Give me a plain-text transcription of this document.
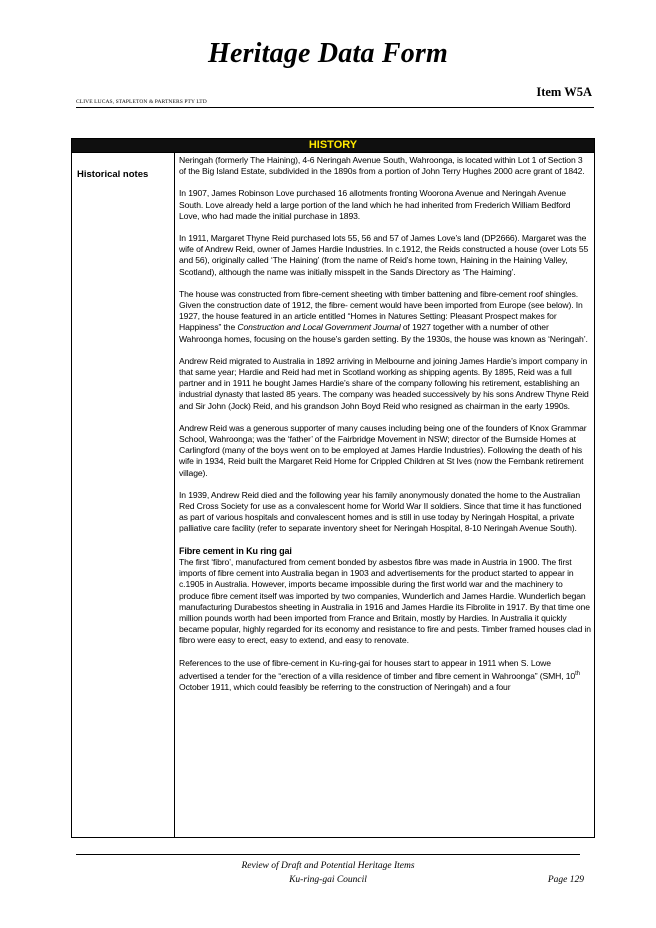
Heritage Data Form
Item W5A
CLIVE LUCAS, STAPLETON & PARTNERS PTY LTD
HISTORY
Historical notes

Neringah (formerly The Haining), 4-6 Neringah Avenue South, Wahroonga, is located within Lot 1 of Section 3 of the Big Island Estate, subdivided in the 1890s from a portion of John Terry Hughes 2000 acre grant of 1842.

In 1907, James Robinson Love purchased 16 allotments fronting Woorona Avenue and Neringah Avenue South. Love already held a large portion of the land which he had inherited from Frederich William Bedford Love, who had made the initial purchase in 1893.

In 1911, Margaret Thyne Reid purchased lots 55, 56 and 57 of James Love’s land (DP2666). Margaret was the wife of Andrew Reid, owner of James Hardie Industries. In c.1912, the Reids constructed a house (over Lots 55 and 56), originally called ‘The Haining’ (from the name of Reid’s home town, Haining in the Haining Valley, Scotland), although the name was initially misspelt in the Sands Directory as ‘The Haiming’.

The house was constructed from fibre-cement sheeting with timber battening and fibre-cement roof shingles. Given the construction date of 1912, the fibre- cement would have been imported from Europe (see below). In 1927, the house featured in an article entitled “Homes in Natures Setting: Pleasant Prospect makes for Happiness” the Construction and Local Government Journal of 1927 together with a number of other Wahroonga homes, focusing on the house’s garden setting. By the 1930s, the house was known as ‘Neringah’.

Andrew Reid migrated to Australia in 1892 arriving in Melbourne and joining James Hardie’s import company in that same year; Hardie and Reid had met in Scotland working as shipping agents. By 1895, Reid was a full partner and in 1911 he bought James Hardie’s share of the company following his retirement, establishing an industrial dynasty that lasted 85 years. The company was headed successively by his sons Andrew Thyne Reid and Sir John (Jock) Reid, and his grandson John Boyd Reid who resigned as chairman in the early 1990s.

Andrew Reid was a generous supporter of many causes including being one of the founders of Knox Grammar School, Wahroonga; was the ‘father’ of the Fairbridge Movement in NSW; director of the Burnside Homes at Carlingford (many of the boys went on to be employed at James Hardie Industries). Following the death of his wife in 1934, Reid built the Margaret Reid Home for Crippled Children at St Ives (now the Fernbank retirement village).

In 1939, Andrew Reid died and the following year his family anonymously donated the home to the Australian Red Cross Society for use as a convalescent home for World War II soldiers. Since that time it has functioned as part of various hospitals and convalescent homes and is still in use today by Neringah Hospital, a private palliative care facility (refer to separate inventory sheet for Neringah Hospital, 8-10 Neringah Avenue South).

Fibre cement in Ku ring gai
The first ‘fibro’, manufactured from cement bonded by asbestos fibre was made in Austria in 1900. The first imports of fibre cement into Australia began in 1903 and advertisements for the product started to appear in c.1905 in Australia. However, imports became impossible during the first world war and the machinery to produce fibre cement itself was imported by two companies, Wunderlich and James Hardie. Wunderlich began manufacturing Durabestos sheeting in Australia in 1916 and James Hardie its Fibrolite in 1917. By that time one million pounds worth had been imported from France and Britain, mostly by Hardies. In Australia it quickly became popular, highly regarded for its economy and resistance to fire and pests. Timber framed houses clad in fibro were easy to erect, easy to extend, and easy to renovate.

References to the use of fibre-cement in Ku-ring-gai for houses start to appear in 1911 when S. Lowe advertised a tender for the “erection of a villa residence of timber and fibre cement in Wahroonga” (SMH, 10th October 1911, which could feasibly be referring to the construction of Neringah) and a four

Review of Draft and Potential Heritage Items
Ku-ring-gai Council	Page 129
